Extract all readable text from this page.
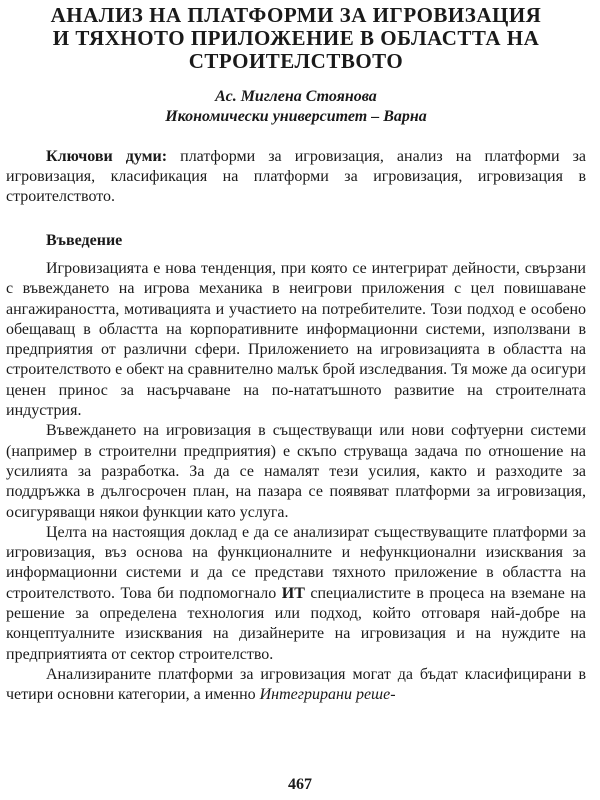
АНАЛИЗ НА ПЛАТФОРМИ ЗА ИГРОВИЗАЦИЯ
И ТЯХНОТО ПРИЛОЖЕНИЕ В ОБЛАСТТА НА
СТРОИТЕЛСТВОТО
Ас. Миглена Стоянова
Икономически университет – Варна

Ключови думи: платформи за игровизация, анализ на платформи за игровизация, класификация на платформи за игровизация, игровизация в строителството.

Въведение

Игровизацията е нова тенденция, при която се интегрират дейности, свързани с въвеждането на игрова механика в неигрови приложения с цел повишаване ангажираността, мотивацията и участието на потребителите. Този подход е особено обещаващ в областта на корпоративните информационни системи, използвани в предприятия от различни сфери. Приложението на игровизацията в областта на строителството е обект на сравнително малък брой изследвания. Тя може да осигури ценен принос за насърчаване на по-нататъшното развитие на строителната индустрия.

Въвеждането на игровизация в съществуващи или нови софтуерни системи (например в строителни предприятия) е скъпо струваща задача по отношение на усилията за разработка. За да се намалят тези усилия, както и разходите за поддръжка в дългосрочен план, на пазара се появяват платформи за игровизация, осигуряващи някои функции като услуга.

Целта на настоящия доклад е да се анализират съществуващите платформи за игровизация, въз основа на функционалните и нефункционални изисквания за информационни системи и да се представи тяхното приложение в областта на строителството. Това би подпомогнало ИТ специалистите в процеса на вземане на решение за определена технология или подход, който отговаря най-добре на концептуалните изисквания на дизайнерите на игровизация и на нуждите на предприятията от сектор строителство.

Анализираните платформи за игровизация могат да бъдат класифицирани в четири основни категории, а именно Интегрирани реше-

467
